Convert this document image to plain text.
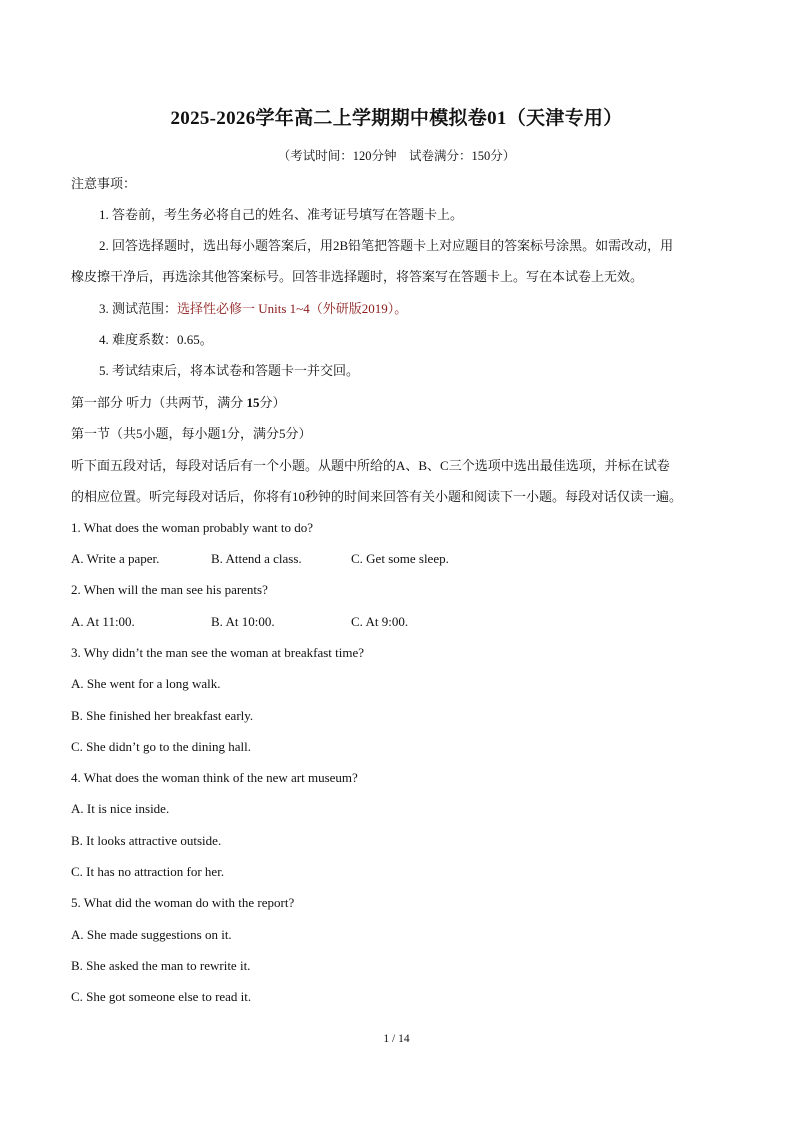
2025-2026学年高二上学期期中模拟卷01（天津专用）
（考试时间：120分钟　试卷满分：150分）
注意事项：
1. 答卷前，考生务必将自己的姓名、准考证号填写在答题卡上。
2. 回答选择题时，选出每小题答案后，用2B铅笔把答题卡上对应题目的答案标号涂黑。如需改动，用
橡皮擦干净后，再选涂其他答案标号。回答非选择题时，将答案写在答题卡上。写在本试卷上无效。
3. 测试范围：选择性必修一 Units 1~4（外研版2019）。
4. 难度系数：0.65。
5. 考试结束后，将本试卷和答题卡一并交回。
第一部分 听力（共两节，满分 15分）
第一节（共5小题，每小题1分，满分5分）
听下面五段对话，每段对话后有一个小题。从题中所给的A、B、C三个选项中选出最佳选项，并标在试卷
的相应位置。听完每段对话后，你将有10秒钟的时间来回答有关小题和阅读下一小题。每段对话仅读一遍。
1. What does the woman probably want to do?
A. Write a paper.	B. Attend a class.	C. Get some sleep.
2. When will the man see his parents?
A. At 11:00.	B. At 10:00.	C. At 9:00.
3. Why didn’t the man see the woman at breakfast time?
A. She went for a long walk.
B. She finished her breakfast early.
C. She didn’t go to the dining hall.
4. What does the woman think of the new art museum?
A. It is nice inside.
B. It looks attractive outside.
C. It has no attraction for her.
5. What did the woman do with the report?
A. She made suggestions on it.
B. She asked the man to rewrite it.
C. She got someone else to read it.
1 / 14
